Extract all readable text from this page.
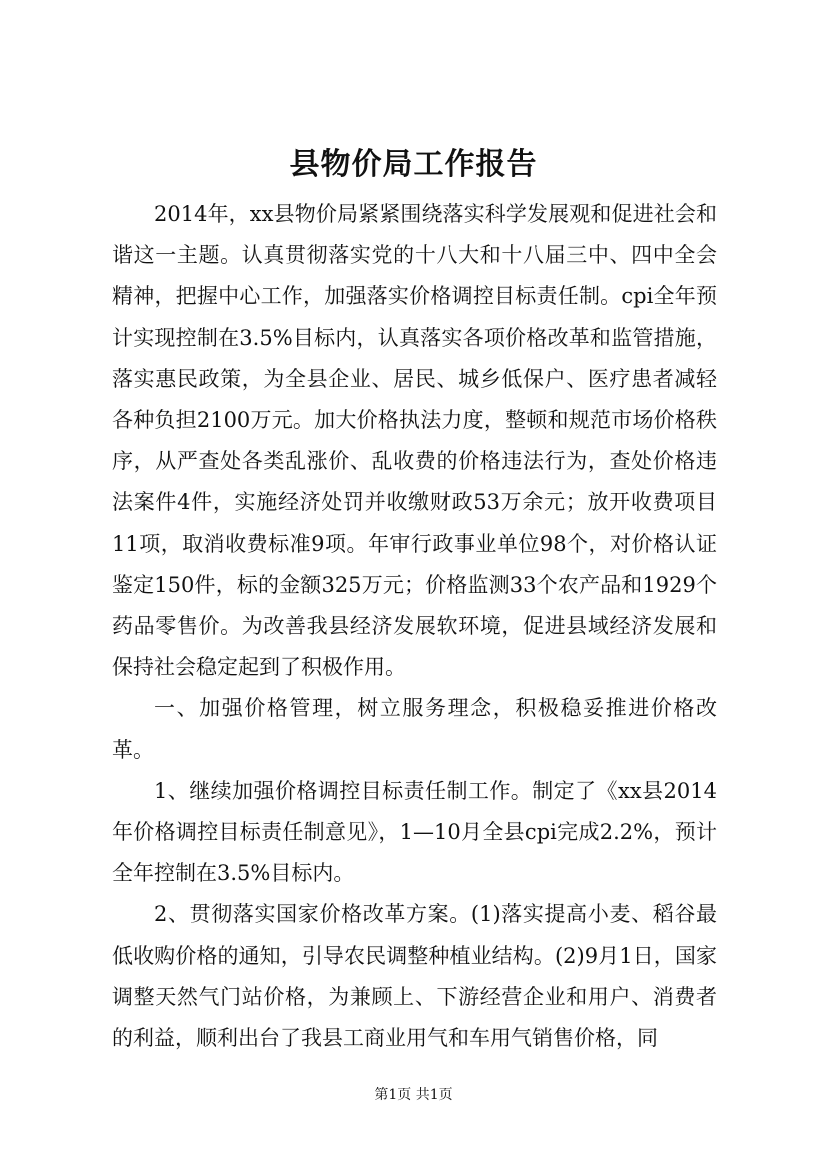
县物价局工作报告

2014年，xx县物价局紧紧围绕落实科学发展观和促进社会和谐这一主题。认真贯彻落实党的十八大和十八届三中、四中全会精神，把握中心工作，加强落实价格调控目标责任制。cpi全年预计实现控制在3.5%目标内，认真落实各项价格改革和监管措施，落实惠民政策，为全县企业、居民、城乡低保户、医疗患者减轻各种负担2100万元。加大价格执法力度，整顿和规范市场价格秩序，从严查处各类乱涨价、乱收费的价格违法行为，查处价格违法案件4件，实施经济处罚并收缴财政53万余元；放开收费项目11项，取消收费标准9项。年审行政事业单位98个，对价格认证鉴定150件，标的金额325万元；价格监测33个农产品和1929个药品零售价。为改善我县经济发展软环境，促进县域经济发展和保持社会稳定起到了积极作用。

一、加强价格管理，树立服务理念，积极稳妥推进价格改革。

1、继续加强价格调控目标责任制工作。制定了《xx县2014年价格调控目标责任制意见》，1—10月全县cpi完成2.2%，预计全年控制在3.5%目标内。

2、贯彻落实国家价格改革方案。(1)落实提高小麦、稻谷最低收购价格的通知，引导农民调整种植业结构。(2)9月1日，国家调整天然气门站价格，为兼顾上、下游经营企业和用户、消费者的利益，顺利出台了我县工商业用气和车用气销售价格，同

第1页 共1页
